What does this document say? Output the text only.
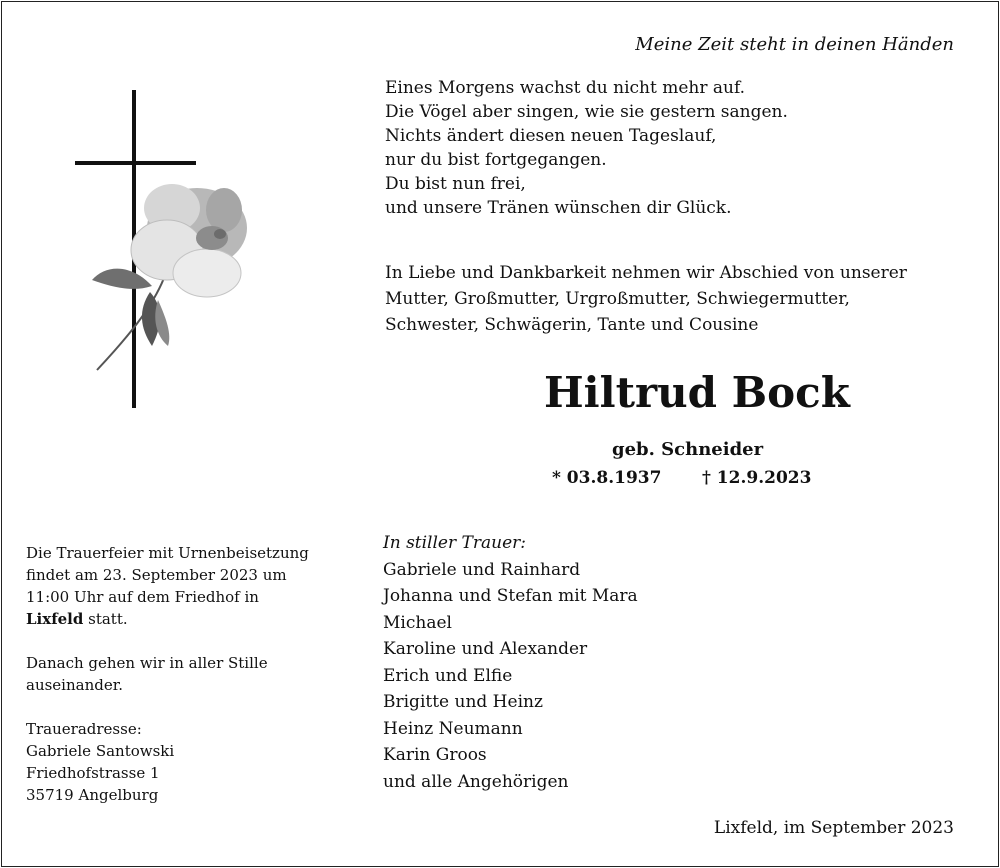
Meine Zeit steht in deinen Händen
Eines Morgens wachst du nicht mehr auf.
Die Vögel aber singen, wie sie gestern sangen.
Nichts ändert diesen neuen Tageslauf,
nur du bist fortgegangen.
Du bist nun frei,
und unsere Tränen wünschen dir Glück.
In Liebe und Dankbarkeit nehmen wir Abschied von unserer
Mutter, Großmutter, Urgroßmutter, Schwiegermutter,
Schwester, Schwägerin, Tante und Cousine
Hiltrud Bock
geb. Schneider
* 03.8.1937 † 12.9.2023
In stiller Trauer:
Gabriele und Rainhard
Johanna und Stefan mit Mara
Michael
Karoline und Alexander
Erich und Elfie
Brigitte und Heinz
Heinz Neumann
Karin Groos
und alle Angehörigen
Die Trauerfeier mit Urnenbeisetzung
findet am 23. September 2023 um
11:00 Uhr auf dem Friedhof in
Lixfeld statt.
Danach gehen wir in aller Stille
auseinander.
Traueradresse:
Gabriele Santowski
Friedhofstrasse 1
35719 Angelburg
Lixfeld, im September 2023
